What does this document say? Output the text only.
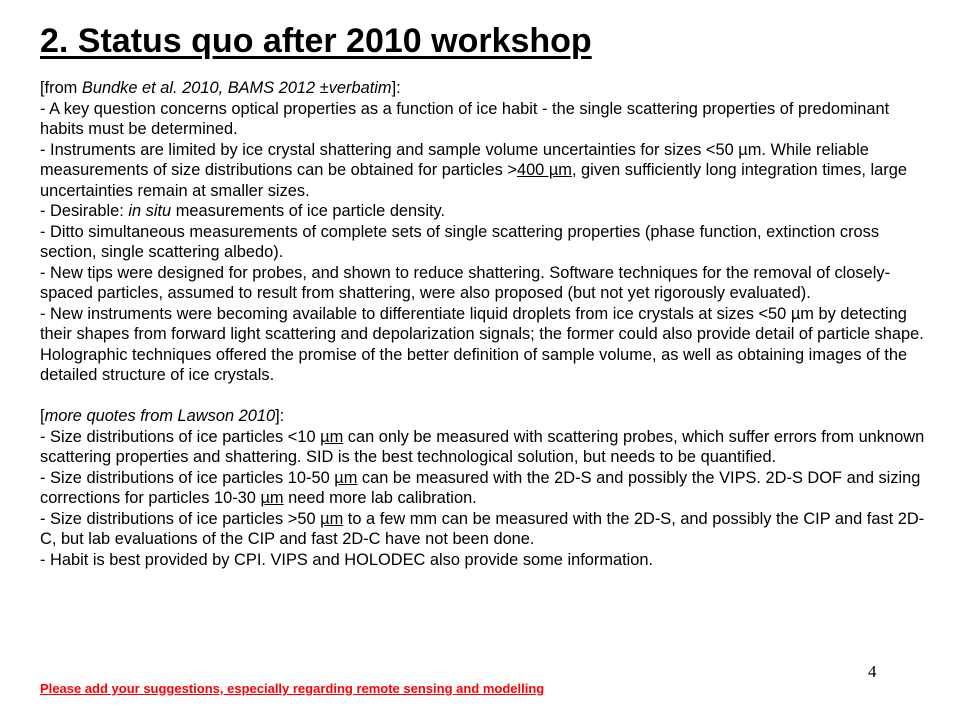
2. Status quo after 2010 workshop

[from Bundke et al. 2010, BAMS 2012 ±verbatim]:

- A key question concerns optical properties as a function of ice habit - the single scattering properties of predominant habits must be determined.

- Instruments are limited by ice crystal shattering and sample volume uncertainties for sizes <50 µm. While reliable measurements of size distributions can be obtained for particles >400 µm, given sufficiently long integration times, large uncertainties remain at smaller sizes.

- Desirable: in situ measurements of ice particle density.

- Ditto simultaneous measurements of complete sets of single scattering properties (phase function, extinction cross section, single scattering albedo).

- New tips were designed for probes, and shown to reduce shattering. Software techniques for the removal of closely-spaced particles, assumed to result from shattering, were also proposed (but not yet rigorously evaluated).

- New instruments were becoming available to differentiate liquid droplets from ice crystals at sizes <50 µm by detecting their shapes from forward light scattering and depolarization signals; the former could also provide detail of particle shape. Holographic techniques offered the promise of the better definition of sample volume, as well as obtaining images of the detailed structure of ice crystals.

[more quotes from Lawson 2010]:

- Size distributions of ice particles <10 µm can only be measured with scattering probes, which suffer errors from unknown scattering properties and shattering. SID is the best technological solution, but needs to be quantified.

- Size distributions of ice particles 10-50 µm can be measured with the 2D-S and possibly the VIPS. 2D-S DOF and sizing corrections for particles 10-30 µm need more lab calibration.

- Size distributions of ice particles >50 µm to a few mm can be measured with the 2D-S, and possibly the CIP and fast 2D-C, but lab evaluations of the CIP and fast 2D-C have not been done.

- Habit is best provided by CPI. VIPS and HOLODEC also provide some information.

4
Please add your suggestions, especially regarding remote sensing and modelling
